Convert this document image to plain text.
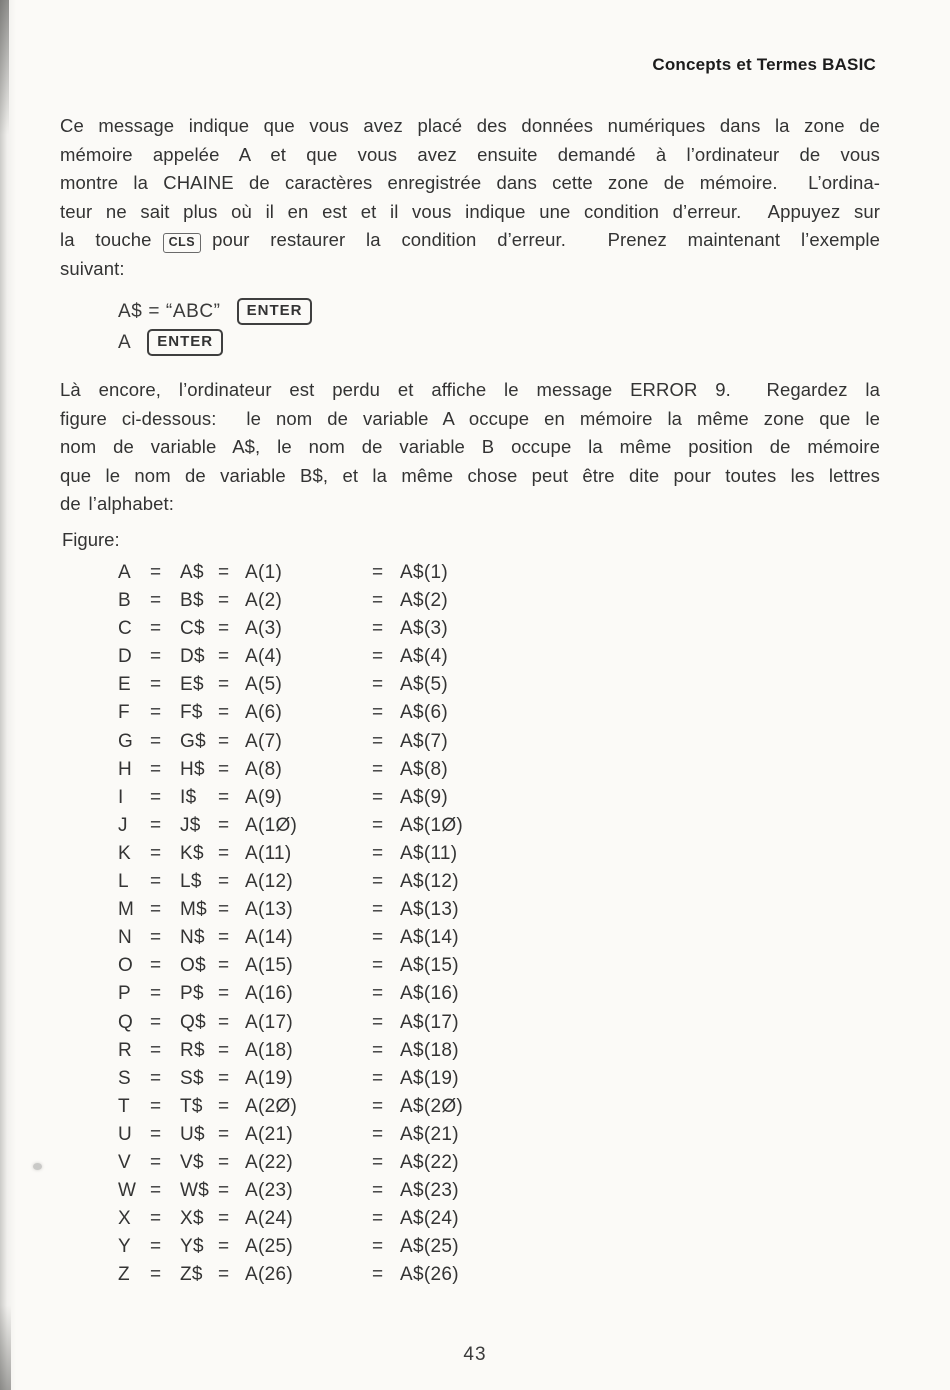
Concepts et Termes BASIC
Ce message indique que vous avez placé des données numériques dans la zone de
mémoire appelée A et que vous avez ensuite demandé à l’ordinateur de vous
montre la CHAINE de caractères enregistrée dans cette zone de mémoire.  L’ordina-
teur ne sait plus où il en est et il vous indique une condition d’erreur.  Appuyez sur
la touche CLS pour restaurer la condition d’erreur.  Prenez maintenant l’exemple
suivant:
A$ = “ABC”	ENTER
A	ENTER
Là encore, l’ordinateur est perdu et affiche le message ERROR 9.  Regardez la
figure ci-dessous:  le nom de variable A occupe en mémoire la même zone que le
nom de variable A$, le nom de variable B occupe la même position de mémoire
que le nom de variable B$, et la même chose peut être dite pour toutes les lettres
de l’alphabet:
Figure:
A = A$ = A(1)	= A$(1)
B = B$ = A(2)	= A$(2)
C = C$ = A(3)	= A$(3)
D = D$ = A(4)	= A$(4)
E = E$ = A(5)	= A$(5)
F = F$ = A(6)	= A$(6)
G = G$ = A(7)	= A$(7)
H = H$ = A(8)	= A$(8)
I = I$ = A(9)	= A$(9)
J = J$ = A(1Ø)	= A$(1Ø)
K = K$ = A(11)	= A$(11)
L = L$ = A(12)	= A$(12)
M = M$ = A(13)	= A$(13)
N = N$ = A(14)	= A$(14)
O = O$ = A(15)	= A$(15)
P = P$ = A(16)	= A$(16)
Q = Q$ = A(17)	= A$(17)
R = R$ = A(18)	= A$(18)
S = S$ = A(19)	= A$(19)
T = T$ = A(2Ø)	= A$(2Ø)
U = U$ = A(21)	= A$(21)
V = V$ = A(22)	= A$(22)
W = W$ = A(23)	= A$(23)
X = X$ = A(24)	= A$(24)
Y = Y$ = A(25)	= A$(25)
Z = Z$ = A(26)	= A$(26)
43
